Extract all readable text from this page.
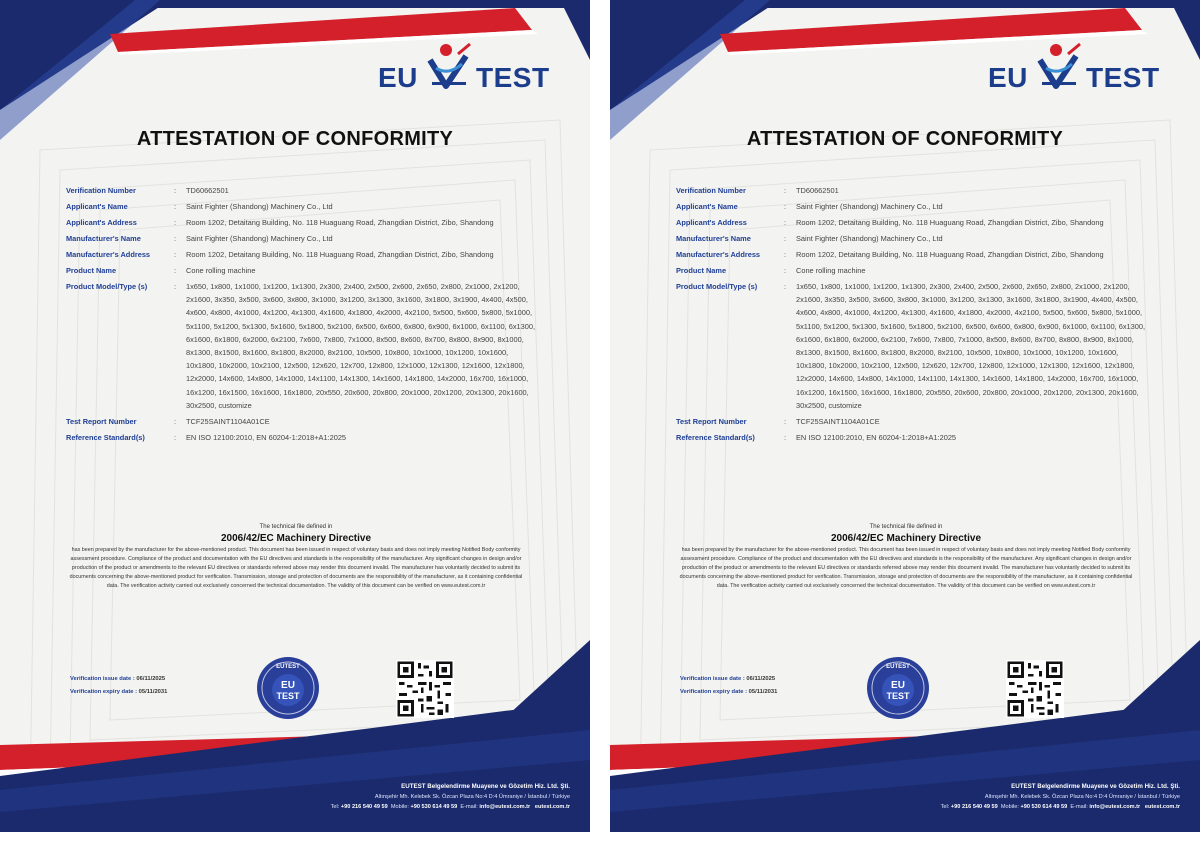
EU TEST
ATTESTATION OF CONFORMITY
Verification Number	:	TD60662501
Applicant's Name	:	Saint Fighter (Shandong) Machinery Co., Ltd
Applicant's Address	:	Room 1202, Detaitang Building, No. 118 Huaguang Road, Zhangdian District, Zibo, Shandong
Manufacturer's Name	:	Saint Fighter (Shandong) Machinery Co., Ltd
Manufacturer's Address	:	Room 1202, Detaitang Building, No. 118 Huaguang Road, Zhangdian District, Zibo, Shandong
Product Name	:	Cone rolling machine
Product Model/Type (s)	:	1x650, 1x800, 1x1000, 1x1200, 1x1300, 2x300, 2x400, 2x500, 2x600, 2x650, 2x800, 2x1000, 2x1200, 2x1600, 3x350, 3x500, 3x600, 3x800, 3x1000, 3x1200, 3x1300, 3x1600, 3x1800, 3x1900, 4x400, 4x500, 4x600, 4x800, 4x1000, 4x1200, 4x1300, 4x1600, 4x1800, 4x2000, 4x2100, 5x500, 5x600, 5x800, 5x1000, 5x1100, 5x1200, 5x1300, 5x1600, 5x1800, 5x2100, 6x500, 6x600, 6x800, 6x900, 6x1000, 6x1100, 6x1300, 6x1600, 6x1800, 6x2000, 6x2100, 7x600, 7x800, 7x1000, 8x500, 8x600, 8x700, 8x800, 8x900, 8x1000, 8x1300, 8x1500, 8x1600, 8x1800, 8x2000, 8x2100, 10x500, 10x800, 10x1000, 10x1200, 10x1600, 10x1800, 10x2000, 10x2100, 12x500, 12x620, 12x700, 12x800, 12x1000, 12x1300, 12x1600, 12x1800, 12x2000, 14x600, 14x800, 14x1000, 14x1100, 14x1300, 14x1600, 14x1800, 14x2000, 16x700, 16x1000, 16x1200, 16x1500, 16x1600, 16x1800, 20x550, 20x600, 20x800, 20x1000, 20x1200, 20x1300, 20x1600, 30x2500, customize
Test Report Number	:	TCF25SAINT1104A01CE
Reference Standard(s)	:	EN ISO 12100:2010, EN 60204-1:2018+A1:2025
The technical file defined in
2006/42/EC Machinery Directive
has been prepared by the manufacturer for the above-mentioned product. This document has been issued in respect of voluntary basis and does not imply meeting Notified Body conformity assessment procedure. Compliance of the product and documentation with the EU directives and standards is the responsibility of the manufacturer. Any significant changes in design and/or production of the product or amendments to the relevant EU directives or standards referred above may render this document invalid. The manufacturer has voluntarily decided to submit its documents concerning the above-mentioned product for verification. Transmission, storage and protection of documents are the responsibility of the manufacturer, as it containing confidential data. The verification activity carried out exclusively concerned the technical documentation. The validity of this document can be verified on www.eutest.com.tr
Verification issue date : 06/11/2025
Verification expiry date : 05/11/2031
EUTEST
EU
TEST
EUTEST Belgelendirme Muayene ve Gözetim Hiz. Ltd. Şti.
Altınşehir Mh. Kelebek Sk. Özcan Plaza No:4 D:4 Ümraniye / İstanbul / Türkiye
Tel: +90 216 540 49 59 Mobile: +90 530 614 49 59 E-mail: info@eutest.com.tr eutest.com.tr
EU TEST
ATTESTATION OF CONFORMITY
Verification Number	:	TD60662501
Applicant's Name	:	Saint Fighter (Shandong) Machinery Co., Ltd
Applicant's Address	:	Room 1202, Detaitang Building, No. 118 Huaguang Road, Zhangdian District, Zibo, Shandong
Manufacturer's Name	:	Saint Fighter (Shandong) Machinery Co., Ltd
Manufacturer's Address	:	Room 1202, Detaitang Building, No. 118 Huaguang Road, Zhangdian District, Zibo, Shandong
Product Name	:	Cone rolling machine
Product Model/Type (s)	:	1x650, 1x800, 1x1000, 1x1200, 1x1300, 2x300, 2x400, 2x500, 2x600, 2x650, 2x800, 2x1000, 2x1200, 2x1600, 3x350, 3x500, 3x600, 3x800, 3x1000, 3x1200, 3x1300, 3x1600, 3x1800, 3x1900, 4x400, 4x500, 4x600, 4x800, 4x1000, 4x1200, 4x1300, 4x1600, 4x1800, 4x2000, 4x2100, 5x500, 5x600, 5x800, 5x1000, 5x1100, 5x1200, 5x1300, 5x1600, 5x1800, 5x2100, 6x500, 6x600, 6x800, 6x900, 6x1000, 6x1100, 6x1300, 6x1600, 6x1800, 6x2000, 6x2100, 7x600, 7x800, 7x1000, 8x500, 8x600, 8x700, 8x800, 8x900, 8x1000, 8x1300, 8x1500, 8x1600, 8x1800, 8x2000, 8x2100, 10x500, 10x800, 10x1000, 10x1200, 10x1600, 10x1800, 10x2000, 10x2100, 12x500, 12x620, 12x700, 12x800, 12x1000, 12x1300, 12x1600, 12x1800, 12x2000, 14x600, 14x800, 14x1000, 14x1100, 14x1300, 14x1600, 14x1800, 14x2000, 16x700, 16x1000, 16x1200, 16x1500, 16x1600, 16x1800, 20x550, 20x600, 20x800, 20x1000, 20x1200, 20x1300, 20x1600, 30x2500, customize
Test Report Number	:	TCF25SAINT1104A01CE
Reference Standard(s)	:	EN ISO 12100:2010, EN 60204-1:2018+A1:2025
The technical file defined in
2006/42/EC Machinery Directive
has been prepared by the manufacturer for the above-mentioned product. This document has been issued in respect of voluntary basis and does not imply meeting Notified Body conformity assessment procedure. Compliance of the product and documentation with the EU directives and standards is the responsibility of the manufacturer. Any significant changes in design and/or production of the product or amendments to the relevant EU directives or standards referred above may render this document invalid. The manufacturer has voluntarily decided to submit its documents concerning the above-mentioned product for verification. Transmission, storage and protection of documents are the responsibility of the manufacturer, as it containing confidential data. The verification activity carried out exclusively concerned the technical documentation. The validity of this document can be verified on www.eutest.com.tr
Verification issue date : 06/11/2025
Verification expiry date : 05/11/2031
EUTEST
EU
TEST
EUTEST Belgelendirme Muayene ve Gözetim Hiz. Ltd. Şti.
Altınşehir Mh. Kelebek Sk. Özcan Plaza No:4 D:4 Ümraniye / İstanbul / Türkiye
Tel: +90 216 540 49 59 Mobile: +90 530 614 49 59 E-mail: info@eutest.com.tr eutest.com.tr
